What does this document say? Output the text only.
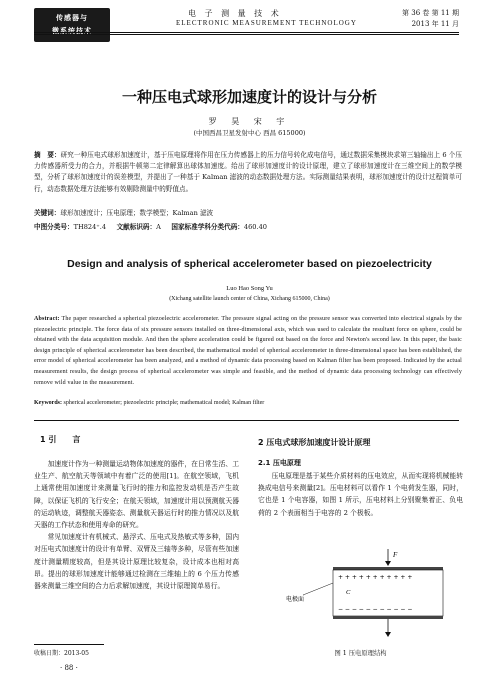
传感器与
微系统技术
电 子 测 量 技 术
ELECTRONIC MEASUREMENT TECHNOLOGY
第 36 卷 第 11 期
2013 年 11 月
一种压电式球形加速度计的设计与分析
罗 昊 宋 宇
(中国西昌卫星发射中心 西昌 615000)
摘　要：研究一种压电式球形加速度计，基于压电原理将作用在压力传感器上的压力信号转化成电信号，通过数据采集模块求第三轴输出上 6 个压力传感器所受力的合力，并根据牛顿第二定律解算出球体加速度。给出了球形加速度计的设计原理，建立了球形加速度计在三维空间上的数学模型，分析了球形加速度计的误差模型，并提出了一种基于 Kalman 滤波的动态数据处理方法。实际测量结果表明，球形加速度计的设计过程简单可行，动态数据处理方法能够有效剔除测量中的野值点。
关键词：球形加速度计；压电原理；数学模型；Kalman 滤波
中图分类号：TH824⁺.4 文献标识码：A 国家标准学科分类代码：460.40
Design and analysis of spherical accelerometer based on piezoelectricity
Luo Hao Song Yu
(Xichang satellite launch center of China, Xichang 615000, China)
Abstract: The paper researched a spherical piezoelectric accelerometer. The pressure signal acting on the pressure sensor was converted into electrical signals by the piezoelectric principle. The force data of six pressure sensors installed on three-dimensional axis, which was used to calculate the resultant force on sphere, could be obtained with the data acquisition module. And then the sphere acceleration could be figured out based on the force and Newton's second law. In this paper, the basic design principle of spherical accelerometer has been described, the mathematical model of spherical accelerometer in three-dimensional space has been established, the error model of spherical accelerometer has been analyzed, and a method of dynamic data processing based on Kalman filter has been proposed. Indicated by the actual measurement results, the design process of spherical accelerometer was simple and feasible, and the method of dynamic data processing technology can effectively remove wild value in the measurement.
Keywords: spherical accelerometer; piezoelectric principle; mathematical model; Kalman filter
1 引　　言

加速度计作为一种测量运动物体加速度的器件，在日常生活、工业生产、航空航天等领域中有着广泛的使用[1]。在航空领域，飞机上通常使用加速度计来测量飞行时的推力和监控发动机是否产生故障，以保证飞机的飞行安全；在航天领域，加速度计用以预测航天器的运动轨迹，调整航天器姿态、测量航天器运行时的推力情况以及航天器的工作状态和使用寿命的研究。

常见加速度计有机械式、悬浮式、压电式及热敏式等多种，国内对压电式加速度计的设计有单臂、双臂及三轴等多种，尽管有些加速度计测量精度较高，但是其设计原理比较复杂，设计成本也相对高昂。提出的球形加速度计能够通过检测在三维轴上的 6 个压力传感器来测量三维空间的合力后求解加速度，其设计原理简单易行。

2 压电式球形加速度计设计原理
2.1 压电原理

压电原理是基于某些介质材料的压电效应，从而实现将机械能转换成电信号来测量[2]。压电材料可以看作 1 个电荷发生器，同时，它也是 1 个电容器，如图 1 所示，压电材料上分别聚集着正、负电荷的 2 个表面相当于电容的 2 个极板。

F
+ + + + + + + + + + +
− − − − − − − − − − −
电极面
C
图 1 压电原理结构
收稿日期：2013-05
· 88 ·
